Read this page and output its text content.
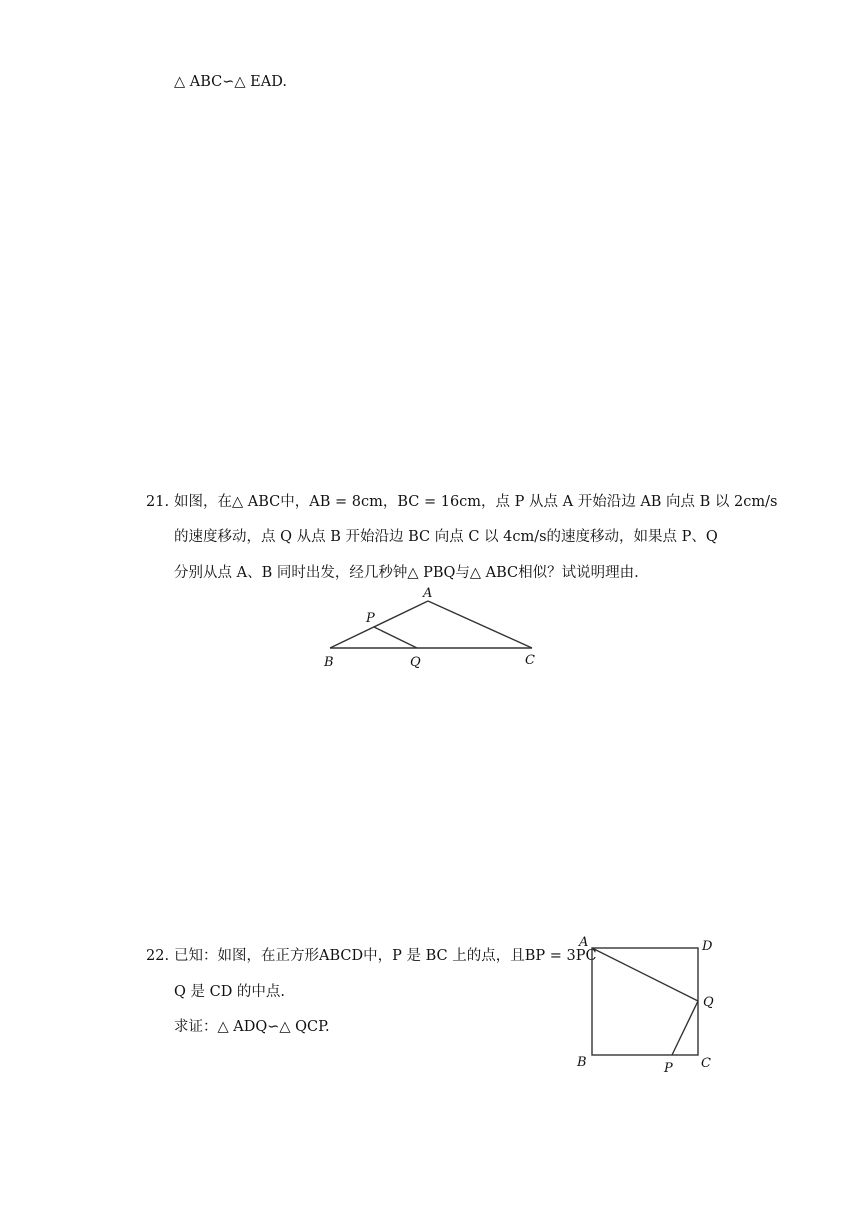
△ ABC∽△ EAD.
21. 如图，在△ ABC中，AB = 8cm，BC = 16cm，点 P 从点 A 开始沿边 AB 向点 B 以 2cm/s
的速度移动，点 Q 从点 B 开始沿边 BC 向点 C 以 4cm/s的速度移动，如果点 P、Q
分别从点 A、B 同时出发，经几秒钟△ PBQ与△ ABC相似？试说明理由.
A
P
B	Q	C
22. 已知：如图，在正方形ABCD中，P 是 BC 上的点，且BP = 3PC
Q 是 CD 的中点.
求证：△ ADQ∽△ QCP.
A	D
Q
B	P C
